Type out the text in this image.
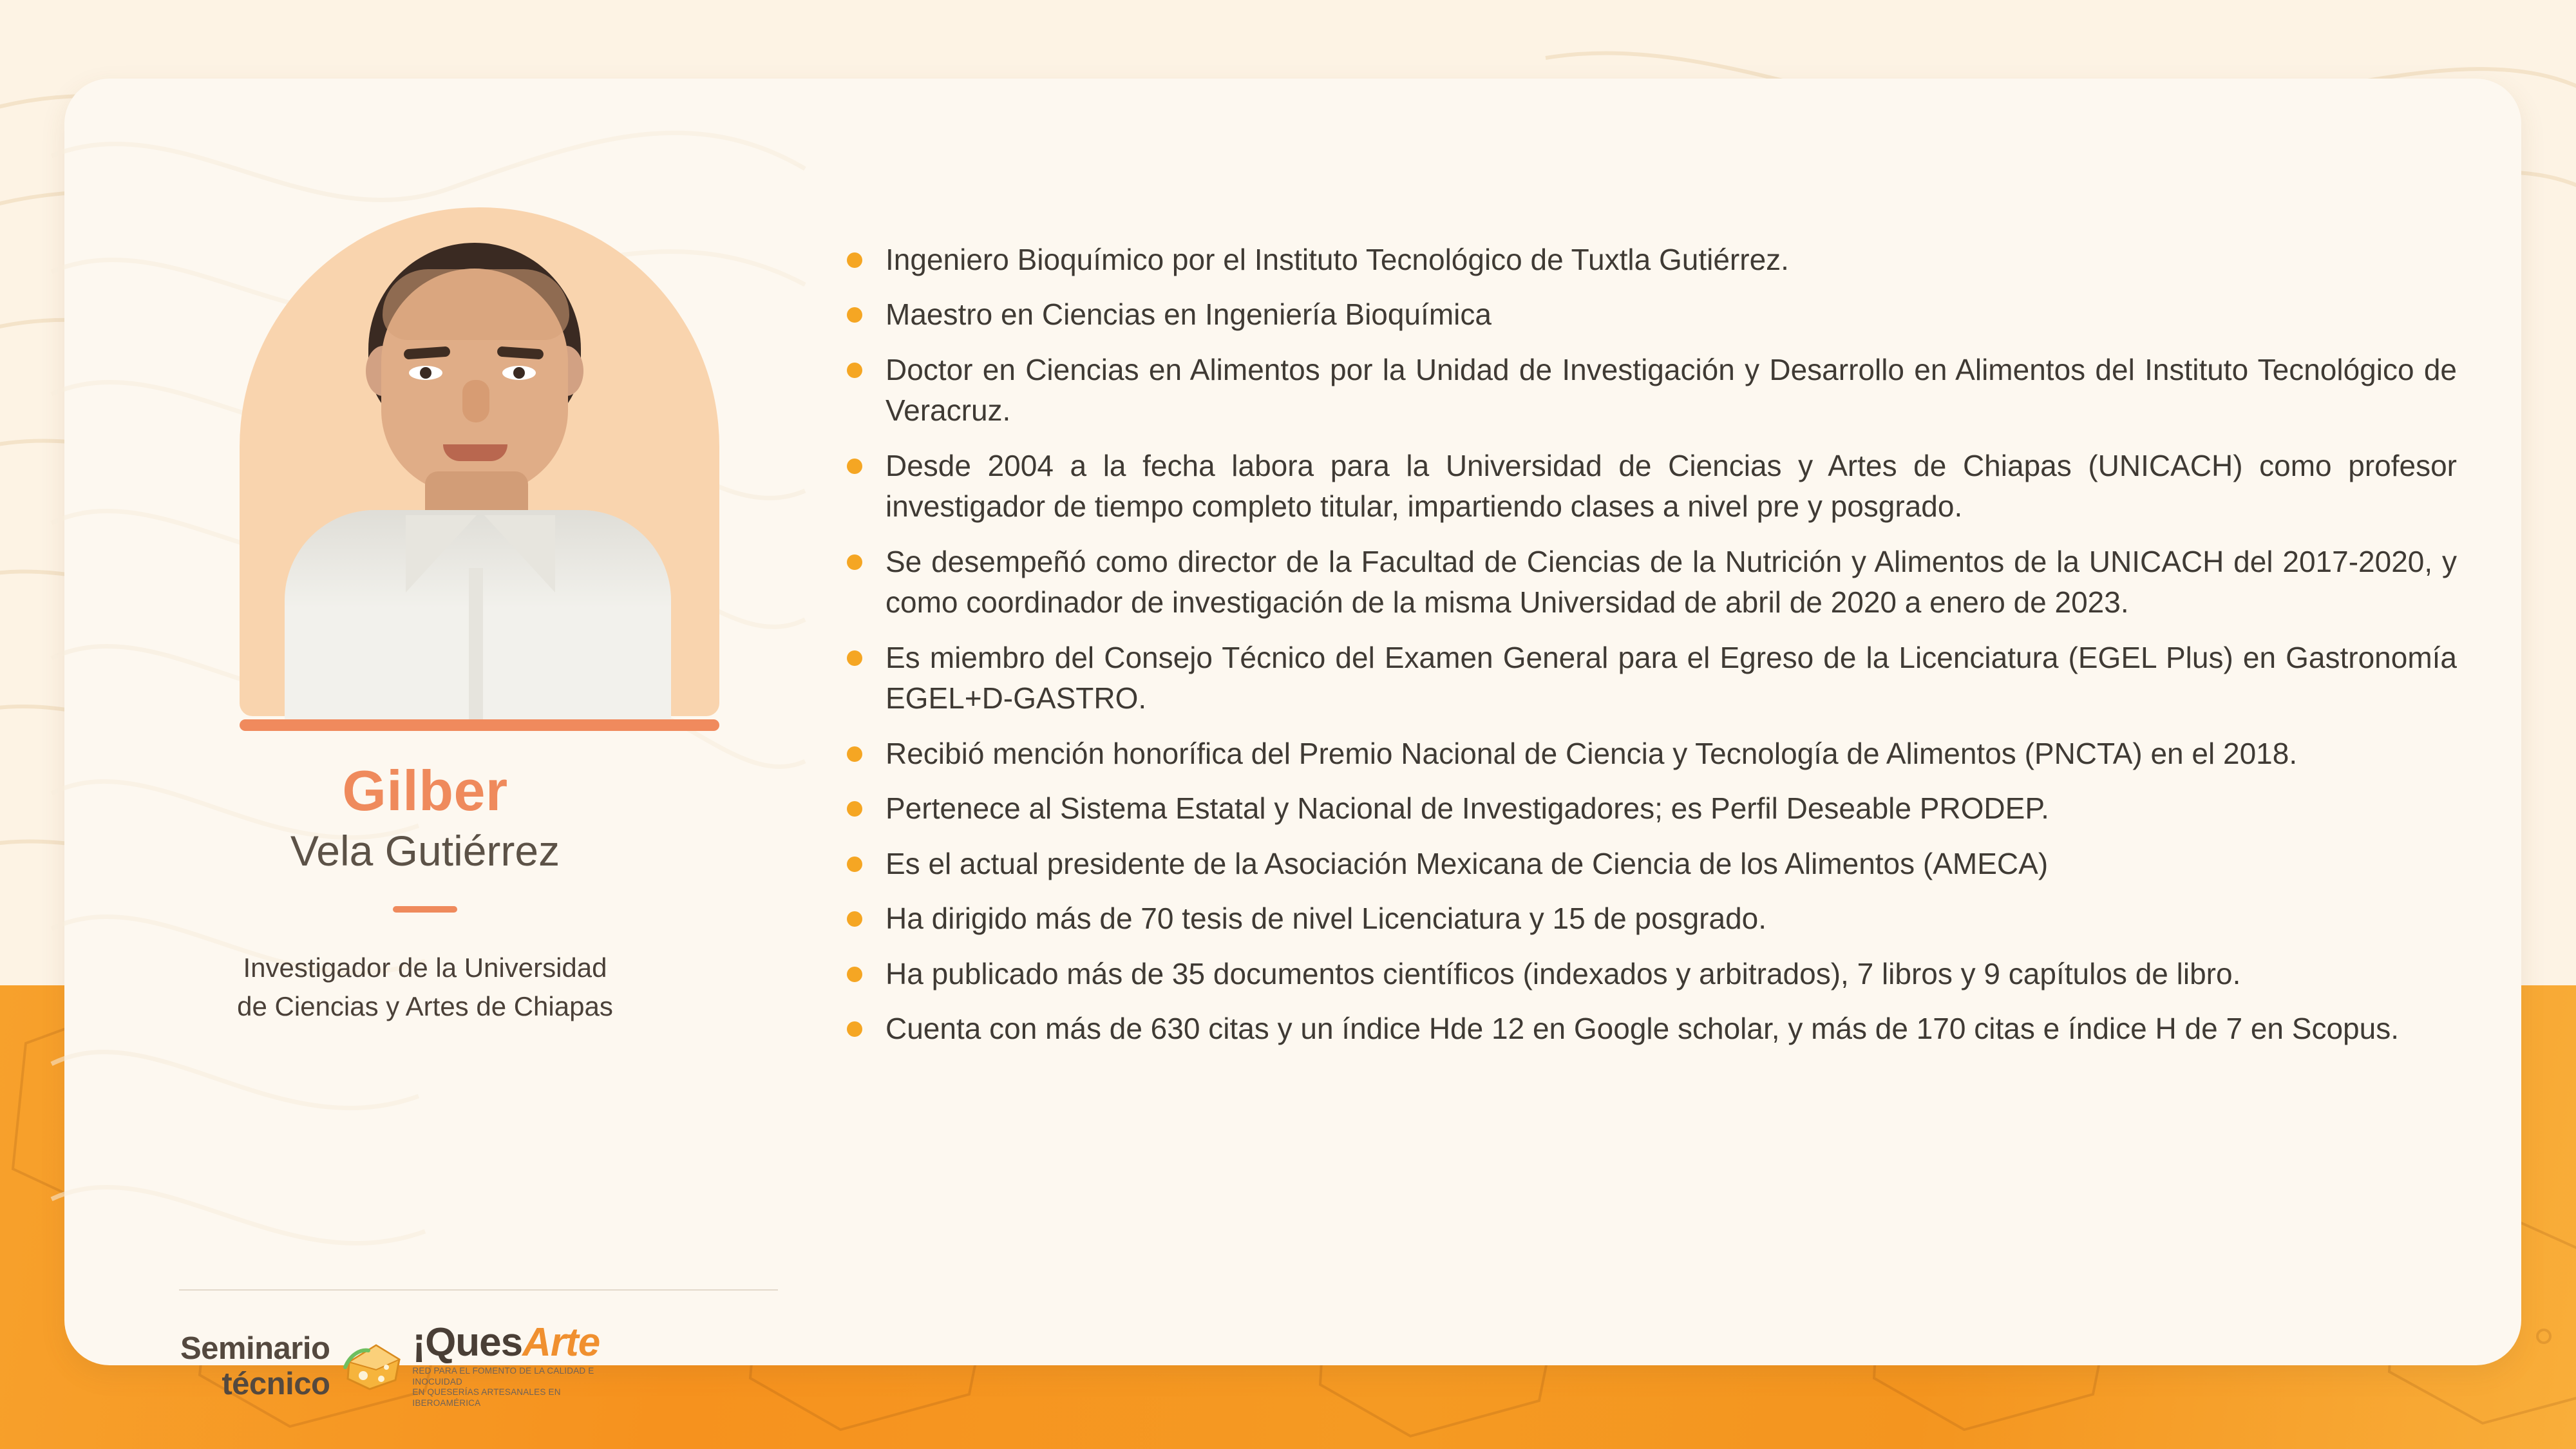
Gilber
Vela Gutiérrez
Investigador de la Universidad
de Ciencias y Artes de Chiapas
Seminario
técnico
¡QuesArte
RED PARA EL FOMENTO DE LA CALIDAD E INOCUIDAD
EN QUESERÍAS ARTESANALES EN IBEROAMÉRICA
Ingeniero Bioquímico por el Instituto Tecnológico de Tuxtla Gutiérrez.
Maestro en Ciencias en Ingeniería Bioquímica
Doctor en Ciencias en Alimentos por la Unidad de Investigación y Desarrollo en Alimentos del Instituto Tecnológico de Veracruz.
Desde 2004 a la fecha labora para la Universidad de Ciencias y Artes de Chiapas (UNICACH) como profesor investigador de tiempo completo titular, impartiendo clases a nivel pre y posgrado.
Se desempeñó como director de la Facultad de Ciencias de la Nutrición y Alimentos de la UNICACH del 2017-2020, y como coordinador de investigación de la misma Universidad de abril de 2020 a enero de 2023.
Es miembro del Consejo Técnico del Examen General para el Egreso de la Licenciatura (EGEL Plus) en Gastronomía EGEL+D-GASTRO.
Recibió mención honorífica del Premio Nacional de Ciencia y Tecnología de Alimentos (PNCTA) en el 2018.
Pertenece al Sistema Estatal y Nacional de Investigadores; es Perfil Deseable PRODEP.
Es el actual presidente de la Asociación Mexicana de Ciencia de los Alimentos (AMECA)
Ha dirigido más de 70 tesis de nivel Licenciatura y 15 de posgrado.
Ha publicado más de 35 documentos científicos (indexados y arbitrados), 7 libros y 9 capítulos de libro.
Cuenta con más de 630 citas y un índice Hde 12 en Google scholar, y más de 170 citas e índice H de 7 en Scopus.
